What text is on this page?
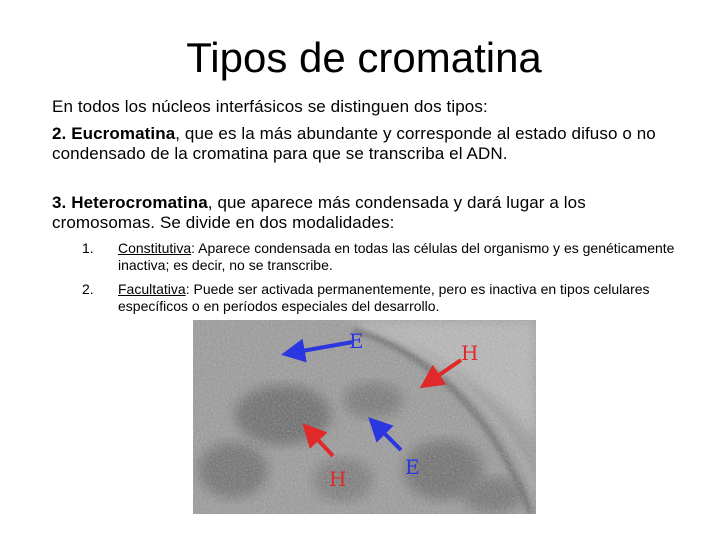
Tipos de cromatina
En todos los núcleos interfásicos se distinguen dos tipos:
2. Eucromatina, que es la más abundante y corresponde al estado difuso o no condensado de la cromatina para que se transcriba el ADN.
3. Heterocromatina, que aparece más condensada y dará lugar a los cromosomas. Se divide en dos modalidades:
1. Constitutiva: Aparece condensada en todas las células del organismo y es genéticamente inactiva; es decir, no se transcribe.
2. Facultativa: Puede ser activada permanentemente, pero es inactiva en tipos celulares específicos o en períodos especiales del desarrollo.
E	H
H	E
